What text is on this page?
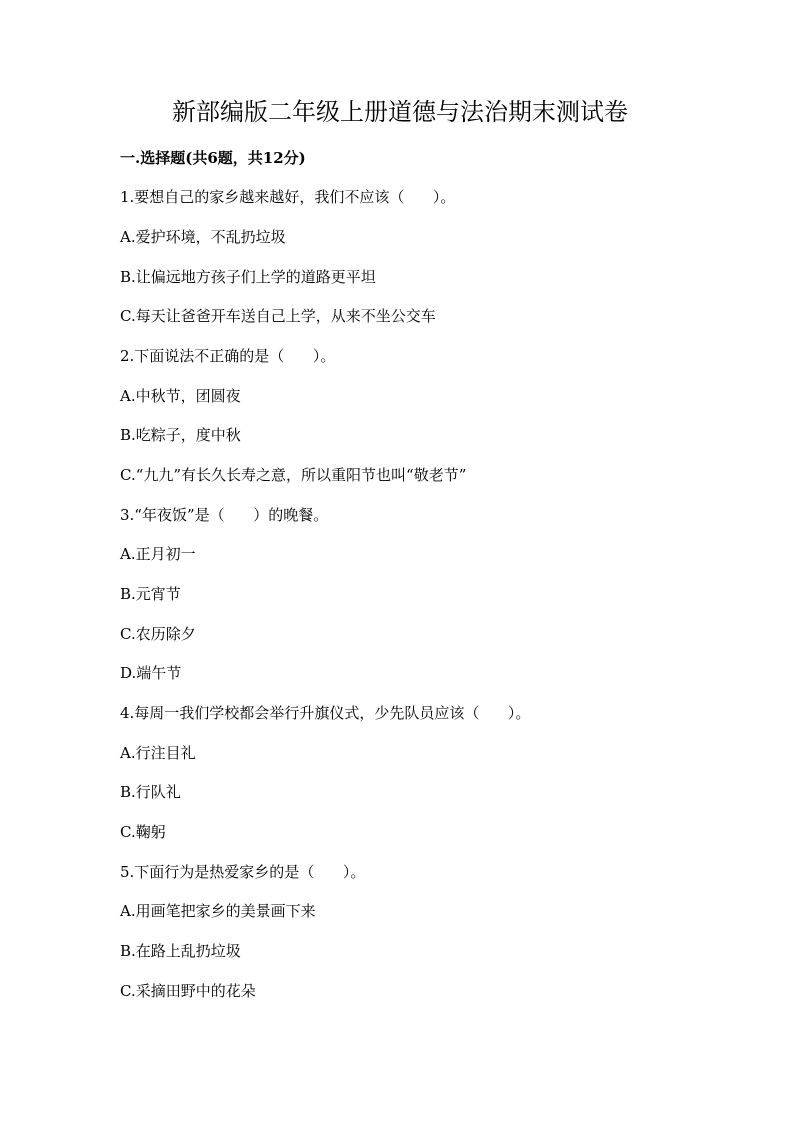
新部编版二年级上册道德与法治期末测试卷
一.选择题(共6题，共12分)
1.要想自己的家乡越来越好，我们不应该（      ）。
A.爱护环境，不乱扔垃圾
B.让偏远地方孩子们上学的道路更平坦
C.每天让爸爸开车送自己上学，从来不坐公交车
2.下面说法不正确的是（      ）。
A.中秋节，团圆夜
B.吃粽子，度中秋
C.“九九”有长久长寿之意，所以重阳节也叫“敬老节”
3.“年夜饭”是（      ）的晚餐。
A.正月初一
B.元宵节
C.农历除夕
D.端午节
4.每周一我们学校都会举行升旗仪式，少先队员应该（      ）。
A.行注目礼
B.行队礼
C.鞠躬
5.下面行为是热爱家乡的是（      ）。
A.用画笔把家乡的美景画下来
B.在路上乱扔垃圾
C.采摘田野中的花朵
